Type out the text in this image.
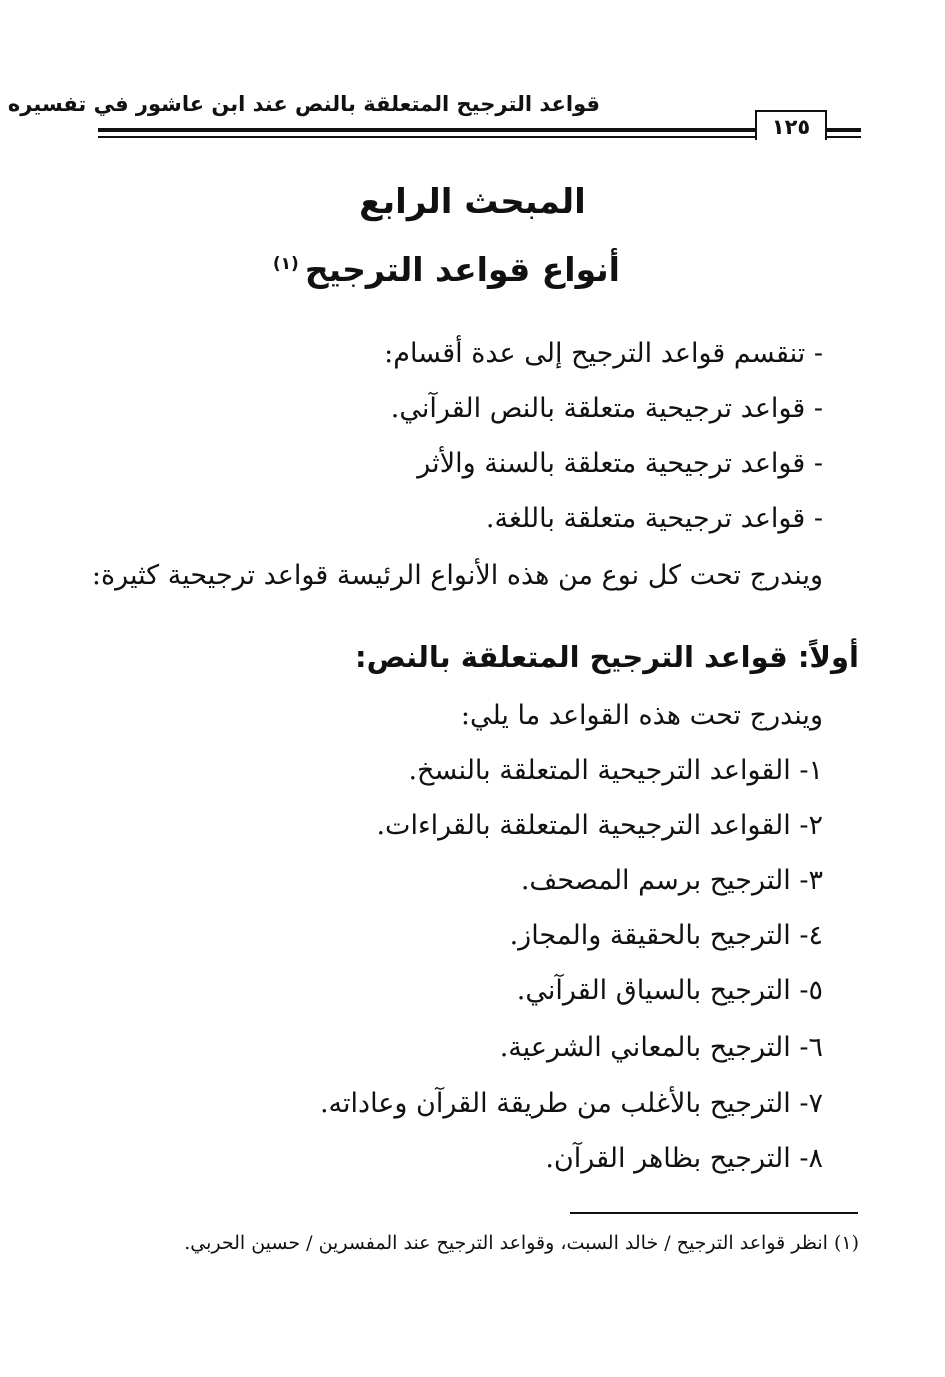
قواعد الترجيح المتعلقة بالنص عند ابن عاشور في تفسيره
١٢٥
المبحث الرابع
أنواع قواعد الترجيح$^{(١)}$
- تنقسم قواعد الترجيح إلى عدة أقسام:
- قواعد ترجيحية متعلقة بالنص القرآني.
- قواعد ترجيحية متعلقة بالسنة والأثر
- قواعد ترجيحية متعلقة باللغة.
ويندرج تحت كل نوع من هذه الأنواع الرئيسة قواعد ترجيحية كثيرة:
أولاً: قواعد الترجيح المتعلقة بالنص:
ويندرج تحت هذه القواعد ما يلي:
١- القواعد الترجيحية المتعلقة بالنسخ.
٢- القواعد الترجيحية المتعلقة بالقراءات.
٣- الترجيح برسم المصحف.
٤- الترجيح بالحقيقة والمجاز.
٥- الترجيح بالسياق القرآني.
٦- الترجيح بالمعاني الشرعية.
٧- الترجيح بالأغلب من طريقة القرآن وعاداته.
٨- الترجيح بظاهر القرآن.
(١) انظر قواعد الترجيح / خالد السبت، وقواعد الترجيح عند المفسرين / حسين الحربي.
